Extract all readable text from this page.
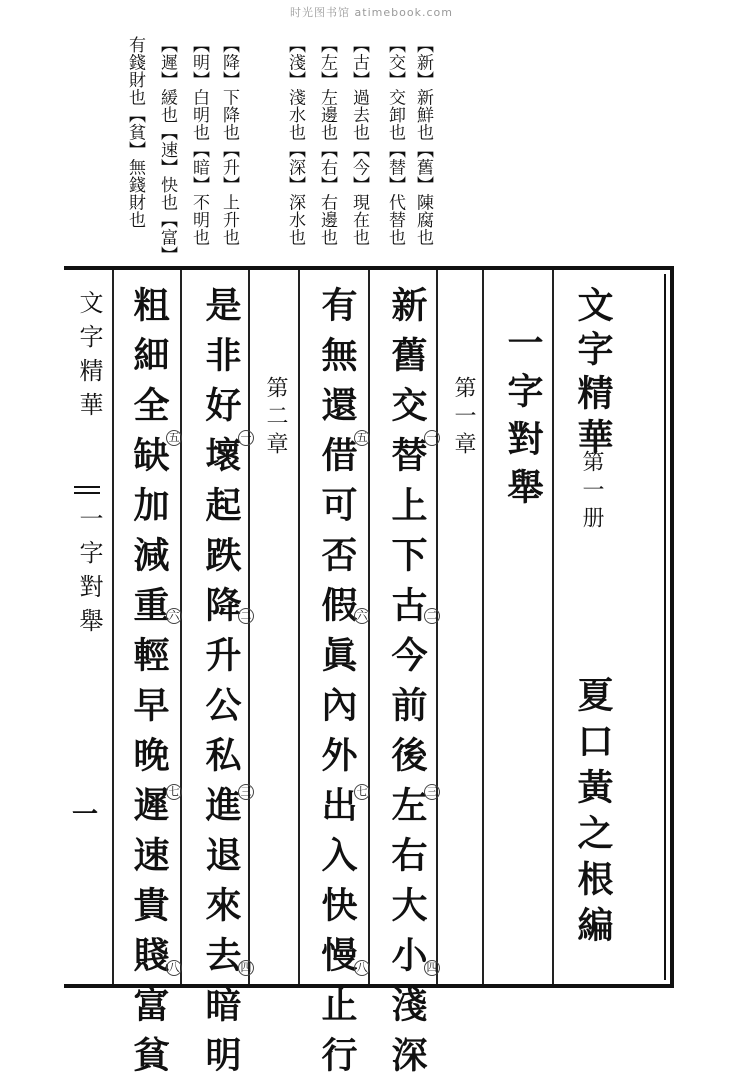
时光图书馆 atimebook.com
【新】新鮮也【舊】陳腐也
【交】交卸也【替】代替也
【古】過去也【今】現在也
【左】左邊也【右】右邊也
【淺】淺水也【深】深水也
【降】下降也【升】上升也
【明】白明也【暗】不明也
【遲】緩也【速】快也【富】
有錢財也【貧】無錢財也
文字精華
第一册
夏口黃之根編
一字對舉
第一章
第二章	新舊交替上下古今前後左右大小淺深
有無還借可否假眞內外出入快慢止行
是非好壞起跌降升公私進退來去暗明
粗細全缺加減重輕早晚遲速貴賤富貧	一
二
三
四
五
六
七
八
一
二
三
四
五
六
七
八
文字精華
一字對舉
一
